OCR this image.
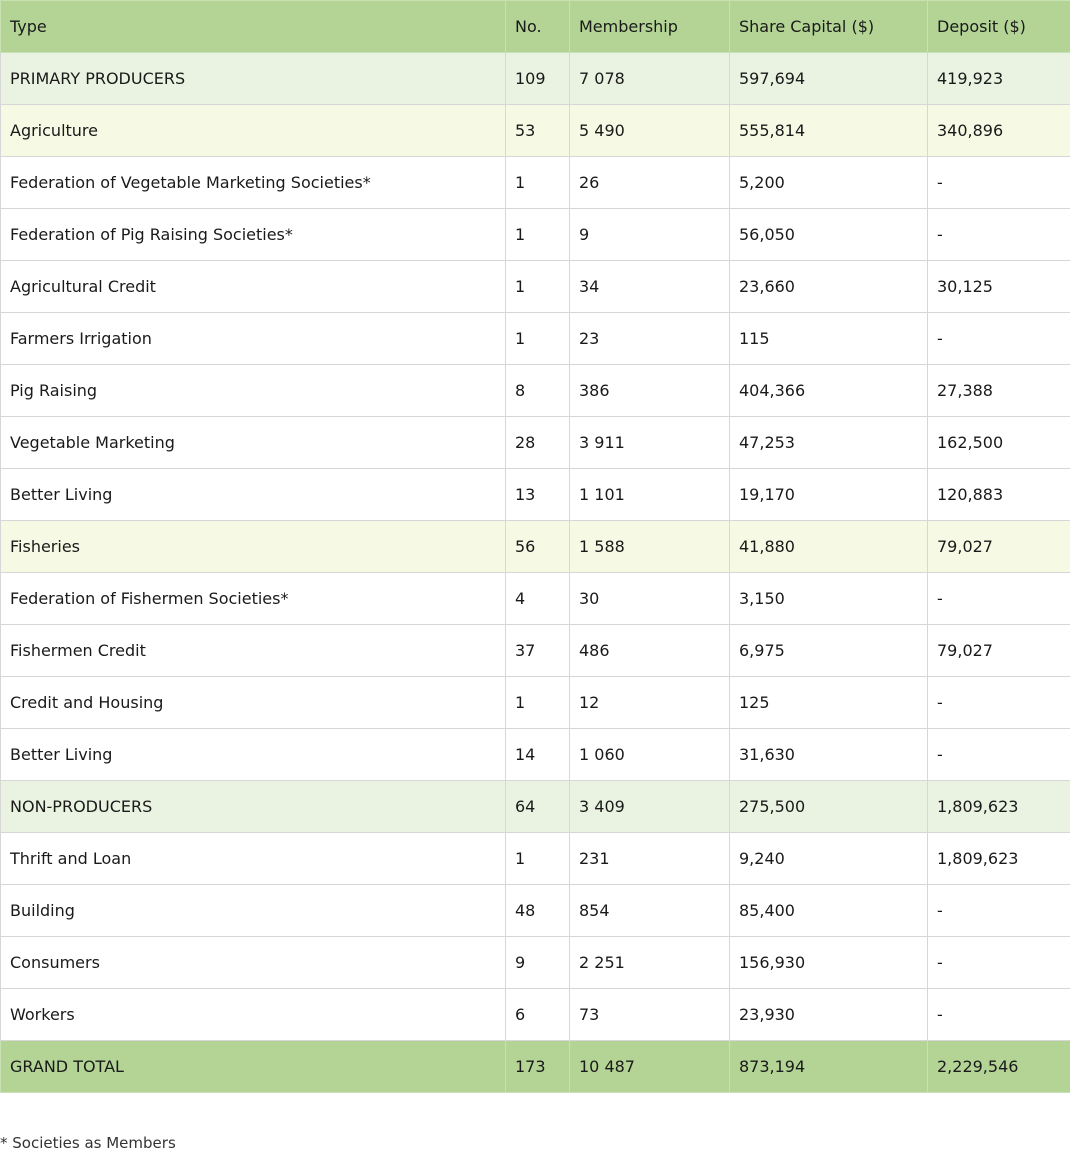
Type	No.	Membership	Share Capital ($)	Deposit ($)
PRIMARY PRODUCERS	109	7 078	597,694	419,923
Agriculture	53	5 490	555,814	340,896
Federation of Vegetable Marketing Societies*	1	26	5,200	-
Federation of Pig Raising Societies*	1	9	56,050	-
Agricultural Credit	1	34	23,660	30,125
Farmers Irrigation	1	23	115	-
Pig Raising	8	386	404,366	27,388
Vegetable Marketing	28	3 911	47,253	162,500
Better Living	13	1 101	19,170	120,883
Fisheries	56	1 588	41,880	79,027
Federation of Fishermen Societies*	4	30	3,150	-
Fishermen Credit	37	486	6,975	79,027
Credit and Housing	1	12	125	-
Better Living	14	1 060	31,630	-
NON-PRODUCERS	64	3 409	275,500	1,809,623
Thrift and Loan	1	231	9,240	1,809,623
Building	48	854	85,400	-
Consumers	9	2 251	156,930	-
Workers	6	73	23,930	-
GRAND TOTAL	173	10 487	873,194	2,229,546
* Societies as Members
